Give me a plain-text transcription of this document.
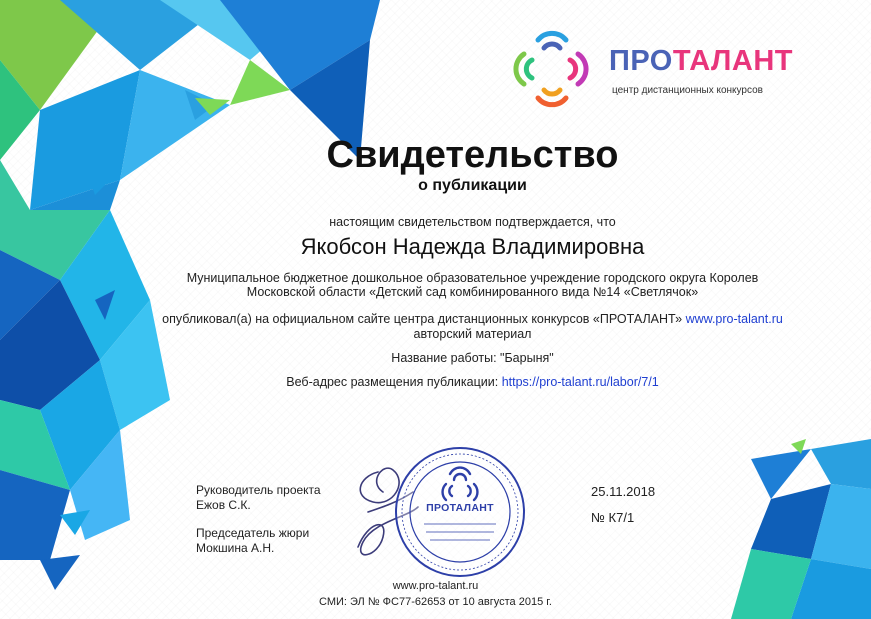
ПРОТАЛАНТ
центр дистанционных конкурсов
Свидетельство
о публикации
настоящим свидетельством подтверждается, что
Якобсон Надежда Владимировна
Муниципальное бюджетное дошкольное образовательное учреждение городского округа Королев
Московской области «Детский сад комбинированного вида №14 «Светлячок»
опубликовал(а) на официальном сайте центра дистанционных конкурсов «ПРОТАЛАНТ» www.pro-talant.ru
авторский материал
Название работы: "Барыня"
Веб-адрес размещения публикации: https://pro-talant.ru/labor/7/1
Руководитель проекта
Ежов С.К.
Председатель жюри
Мокшина А.Н.
ПРОТАЛАНТ
25.11.2018
№ К7/1
www.pro-talant.ru
СМИ: ЭЛ № ФС77-62653 от 10 августа 2015 г.
